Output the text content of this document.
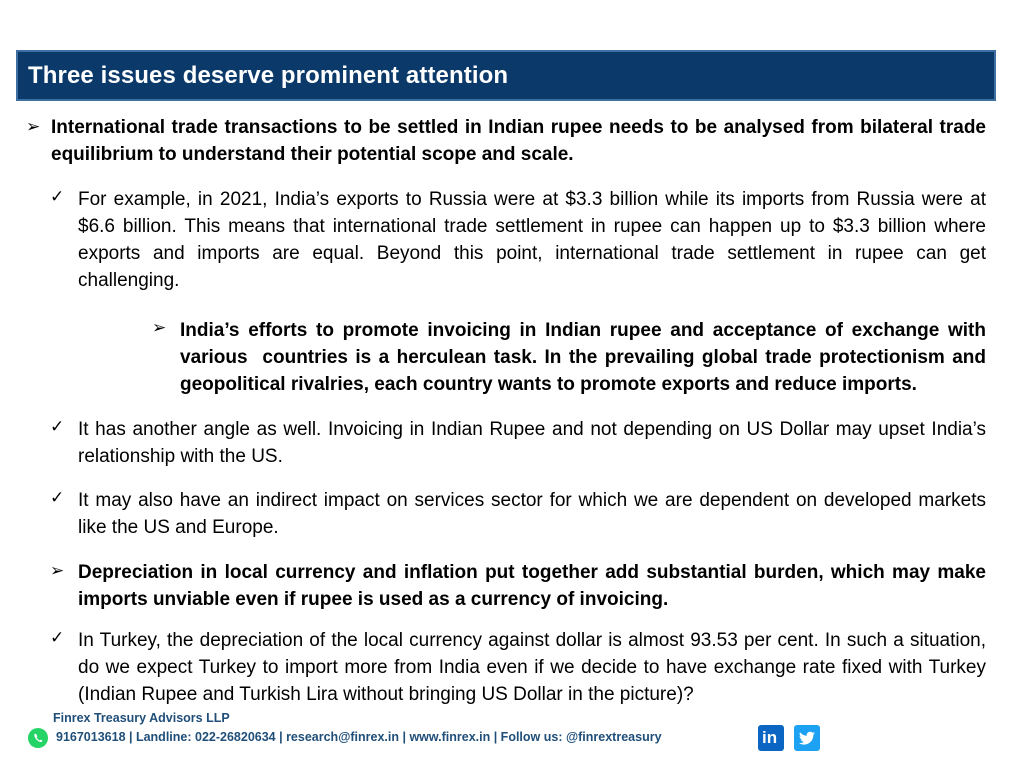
Three issues deserve prominent attention
➢ International trade transactions to be settled in Indian rupee needs to be analysed from bilateral trade equilibrium to understand their potential scope and scale.
✓ For example, in 2021, India’s exports to Russia were at $3.3 billion while its imports from Russia were at $6.6 billion. This means that international trade settlement in rupee can happen up to $3.3 billion where exports and imports are equal. Beyond this point, international trade settlement in rupee can get challenging.
➢ India’s efforts to promote invoicing in Indian rupee and acceptance of exchange with various  countries is a herculean task. In the prevailing global trade protectionism and geopolitical rivalries, each country wants to promote exports and reduce imports.
✓ It has another angle as well. Invoicing in Indian Rupee and not depending on US Dollar may upset India’s relationship with the US.
✓ It may also have an indirect impact on services sector for which we are dependent on developed markets like the US and Europe.
➢ Depreciation in local currency and inflation put together add substantial burden, which may make imports unviable even if rupee is used as a currency of invoicing.
✓ In Turkey, the depreciation of the local currency against dollar is almost 93.53 per cent. In such a situation, do we expect Turkey to import more from India even if we decide to have exchange rate fixed with Turkey (Indian Rupee and Turkish Lira without bringing US Dollar in the picture)?
Finrex Treasury Advisors LLP
9167013618 | Landline: 022-26820634 | research@finrex.in | www.finrex.in | Follow us: @finrextreasury	in
